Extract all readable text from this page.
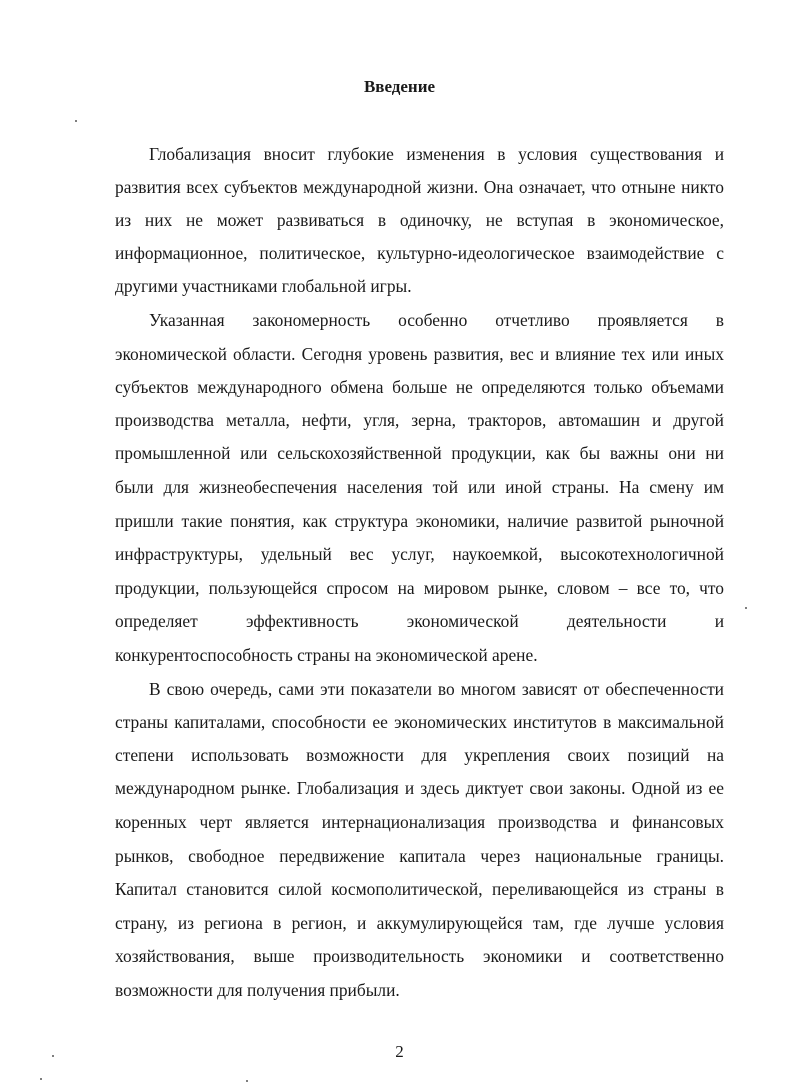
Введение
Глобализация вносит глубокие изменения в условия существования и
развития всех субъектов международной жизни. Она означает, что отныне никто
из них не может развиваться в одиночку, не вступая в экономическое,
информационное, политическое, культурно-идеологическое взаимодействие с
другими участниками глобальной игры.
Указанная закономерность особенно отчетливо проявляется в
экономической области. Сегодня уровень развития, вес и влияние тех или иных
субъектов международного обмена больше не определяются только объемами
производства металла, нефти, угля, зерна, тракторов, автомашин и другой
промышленной или сельскохозяйственной продукции, как бы важны они ни
были для жизнеобеспечения населения той или иной страны. На смену им
пришли такие понятия, как структура экономики, наличие развитой рыночной
инфраструктуры, удельный вес услуг, наукоемкой, высокотехнологичной
продукции, пользующейся спросом на мировом рынке, словом – все то, что
определяет эффективность экономической деятельности и
конкурентоспособность страны на экономической арене.
В свою очередь, сами эти показатели во многом зависят от обеспеченности
страны капиталами, способности ее экономических институтов в максимальной
степени использовать возможности для укрепления своих позиций на
международном рынке. Глобализация и здесь диктует свои законы. Одной из ее
коренных черт является интернационализация производства и финансовых
рынков, свободное передвижение капитала через национальные границы.
Капитал становится силой космополитической, переливающейся из страны в
страну, из региона в регион, и аккумулирующейся там, где лучше условия
хозяйствования, выше производительность экономики и соответственно
возможности для получения прибыли.
2
